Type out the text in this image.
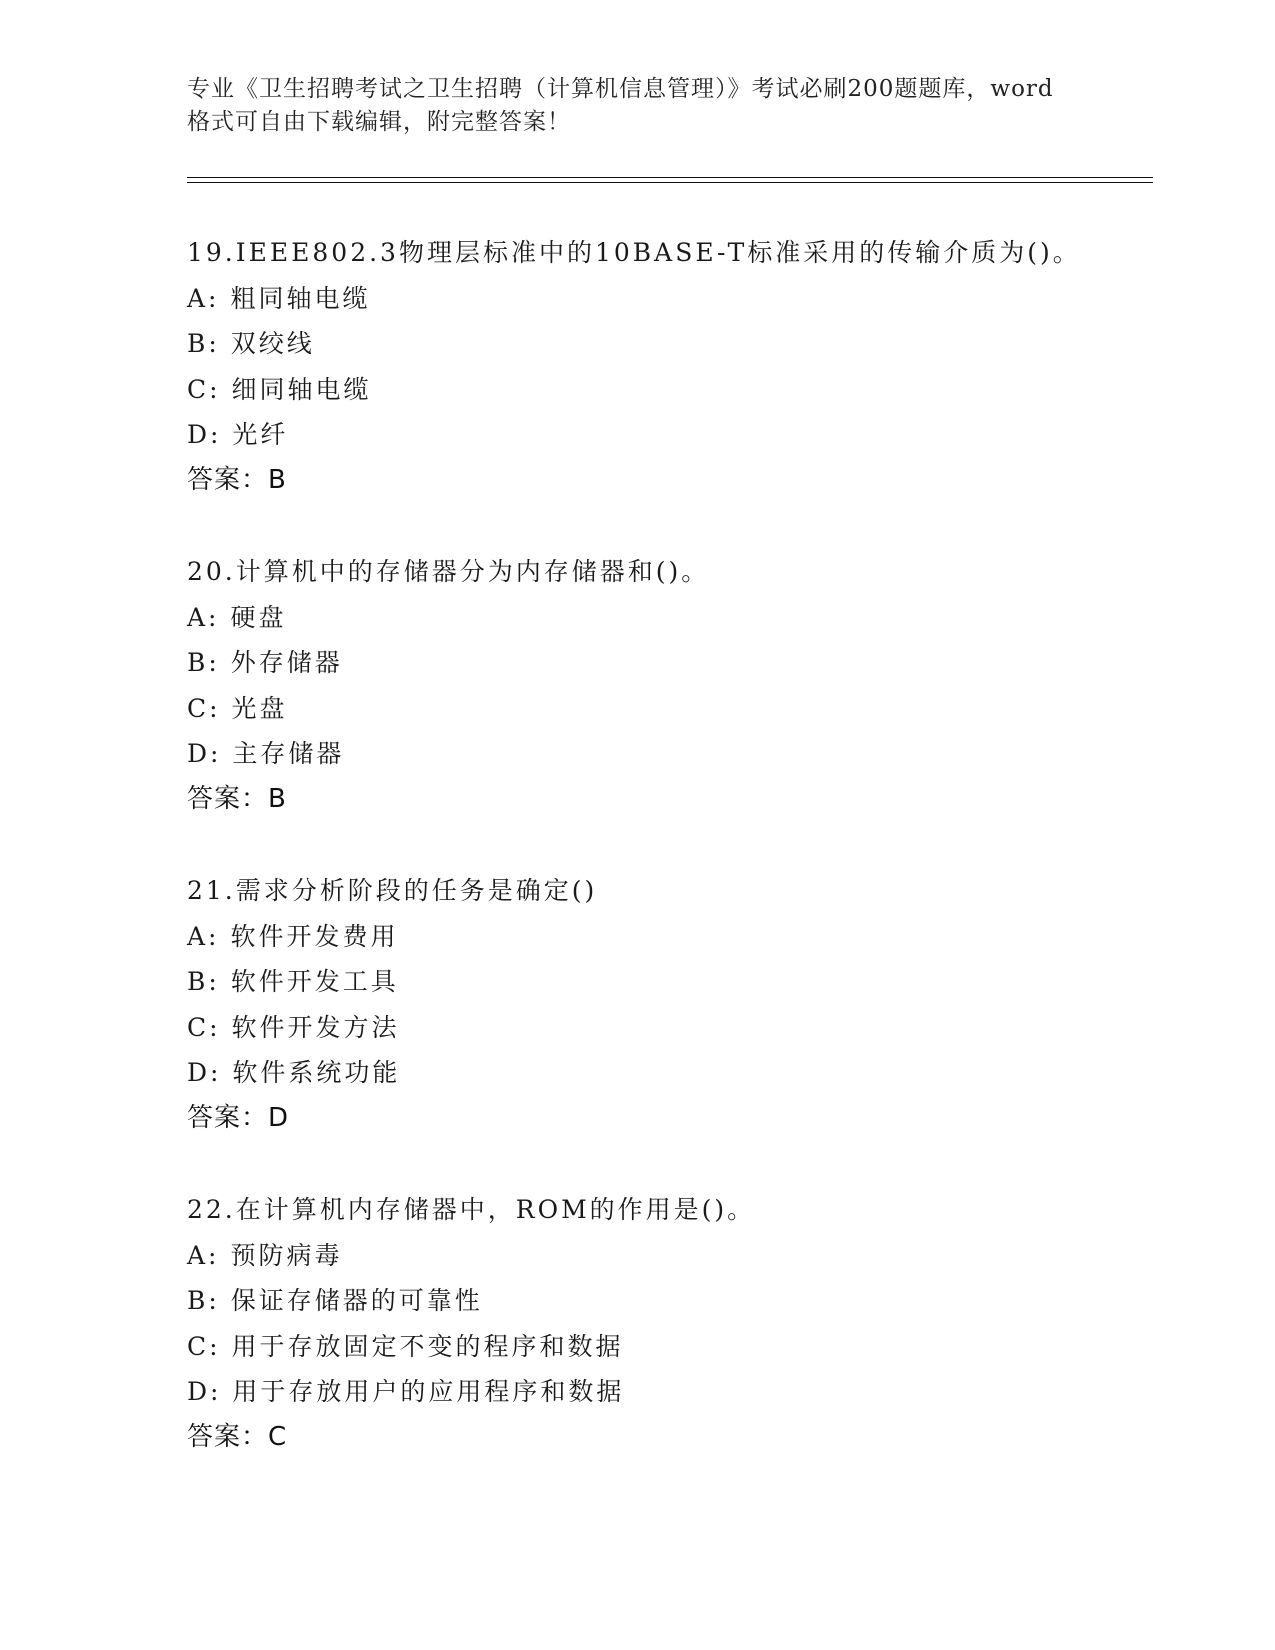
专业《卫生招聘考试之卫生招聘（计算机信息管理）》考试必刷200题题库，word
格式可自由下载编辑，附完整答案！
19.IEEE802.3物理层标准中的10BASE-T标准采用的传输介质为()。
A: 粗同轴电缆
B: 双绞线
C: 细同轴电缆
D: 光纤
答案：B
20.计算机中的存储器分为内存储器和()。
A: 硬盘
B: 外存储器
C: 光盘
D: 主存储器
答案：B
21.需求分析阶段的任务是确定()
A: 软件开发费用
B: 软件开发工具
C: 软件开发方法
D: 软件系统功能
答案：D
22.在计算机内存储器中，ROM的作用是()。
A: 预防病毒
B: 保证存储器的可靠性
C: 用于存放固定不变的程序和数据
D: 用于存放用户的应用程序和数据
答案：C
